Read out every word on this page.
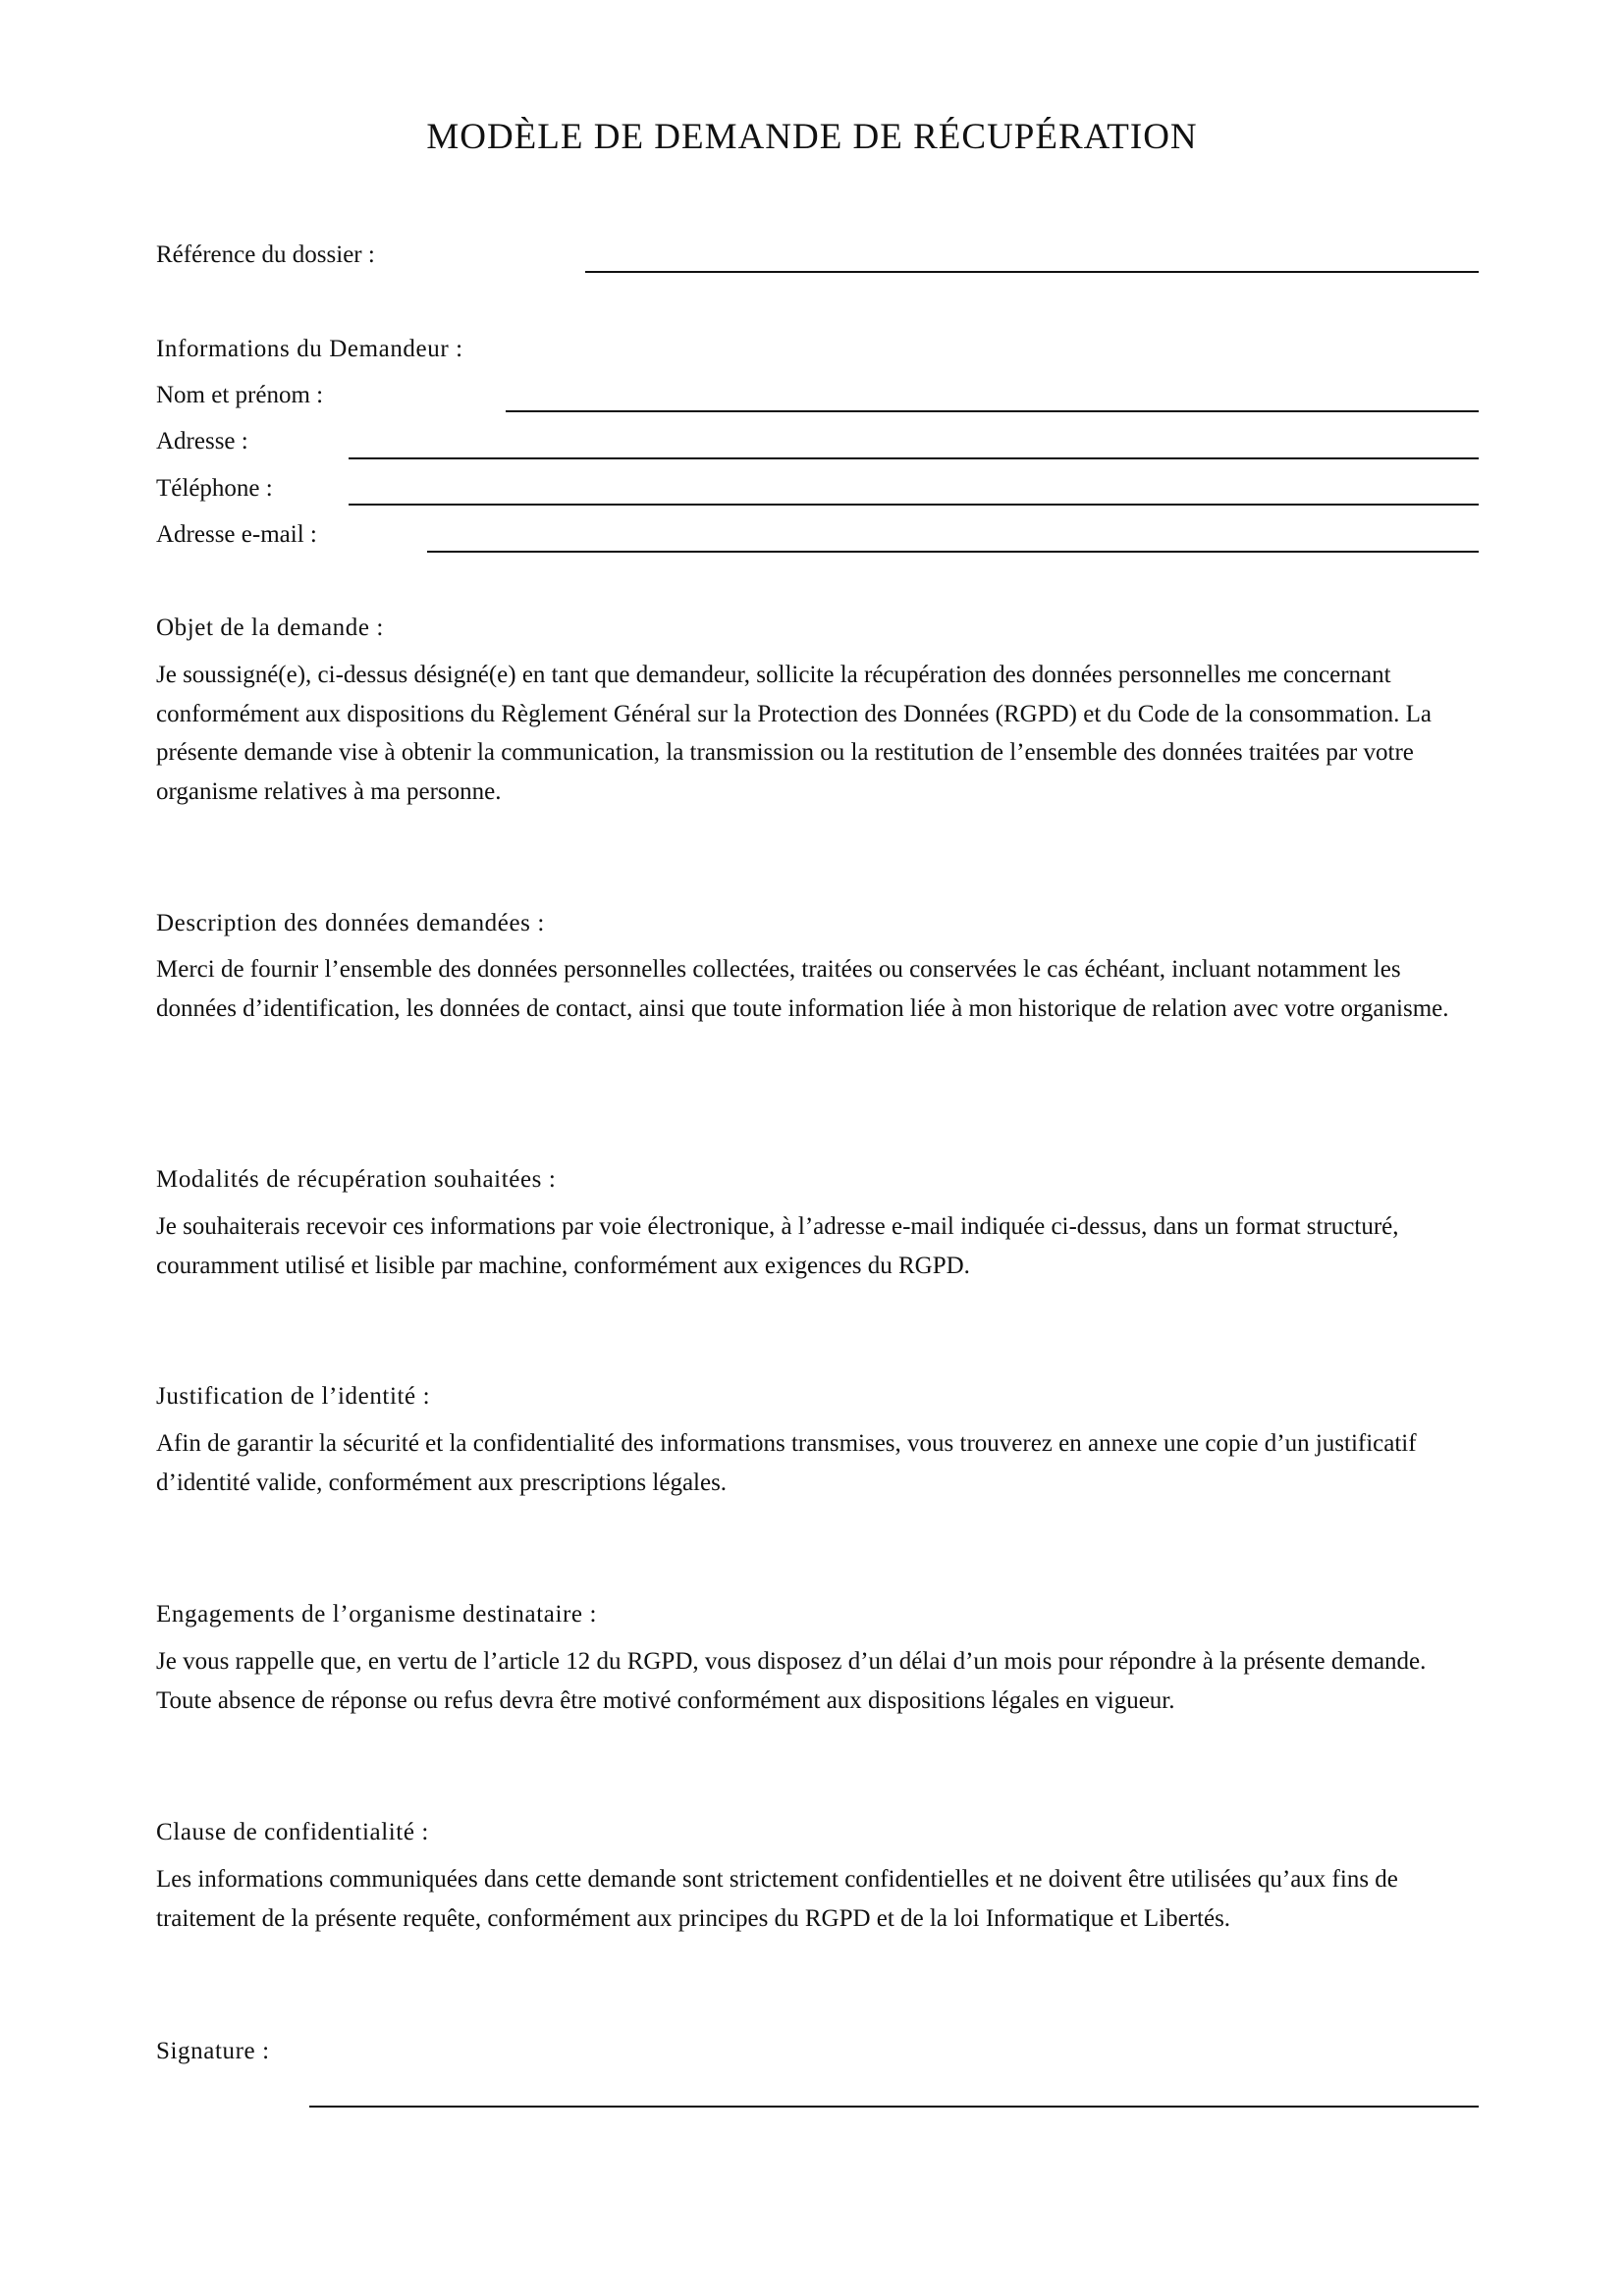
MODÈLE DE DEMANDE DE RÉCUPÉRATION
Référence du dossier :
Informations du Demandeur :
Nom et prénom :
Adresse :
Téléphone :
Adresse e-mail :
Objet de la demande :

Je soussigné(e), ci-dessus désigné(e) en tant que demandeur, sollicite la récupération des données personnelles me concernant conformément aux dispositions du Règlement Général sur la Protection des Données (RGPD) et du Code de la consommation. La présente demande vise à obtenir la communication, la transmission ou la restitution de l’ensemble des données traitées par votre organisme relatives à ma personne.

Description des données demandées :

Merci de fournir l’ensemble des données personnelles collectées, traitées ou conservées le cas échéant, incluant notamment les données d’identification, les données de contact, ainsi que toute information liée à mon historique de relation avec votre organisme.

Modalités de récupération souhaitées :

Je souhaiterais recevoir ces informations par voie électronique, à l’adresse e-mail indiquée ci-dessus, dans un format structuré, couramment utilisé et lisible par machine, conformément aux exigences du RGPD.

Justification de l’identité :

Afin de garantir la sécurité et la confidentialité des informations transmises, vous trouverez en annexe une copie d’un justificatif d’identité valide, conformément aux prescriptions légales.

Engagements de l’organisme destinataire :

Je vous rappelle que, en vertu de l’article 12 du RGPD, vous disposez d’un délai d’un mois pour répondre à la présente demande. Toute absence de réponse ou refus devra être motivé conformément aux dispositions légales en vigueur.

Clause de confidentialité :

Les informations communiquées dans cette demande sont strictement confidentielles et ne doivent être utilisées qu’aux fins de traitement de la présente requête, conformément aux principes du RGPD et de la loi Informatique et Libertés.

Signature :
